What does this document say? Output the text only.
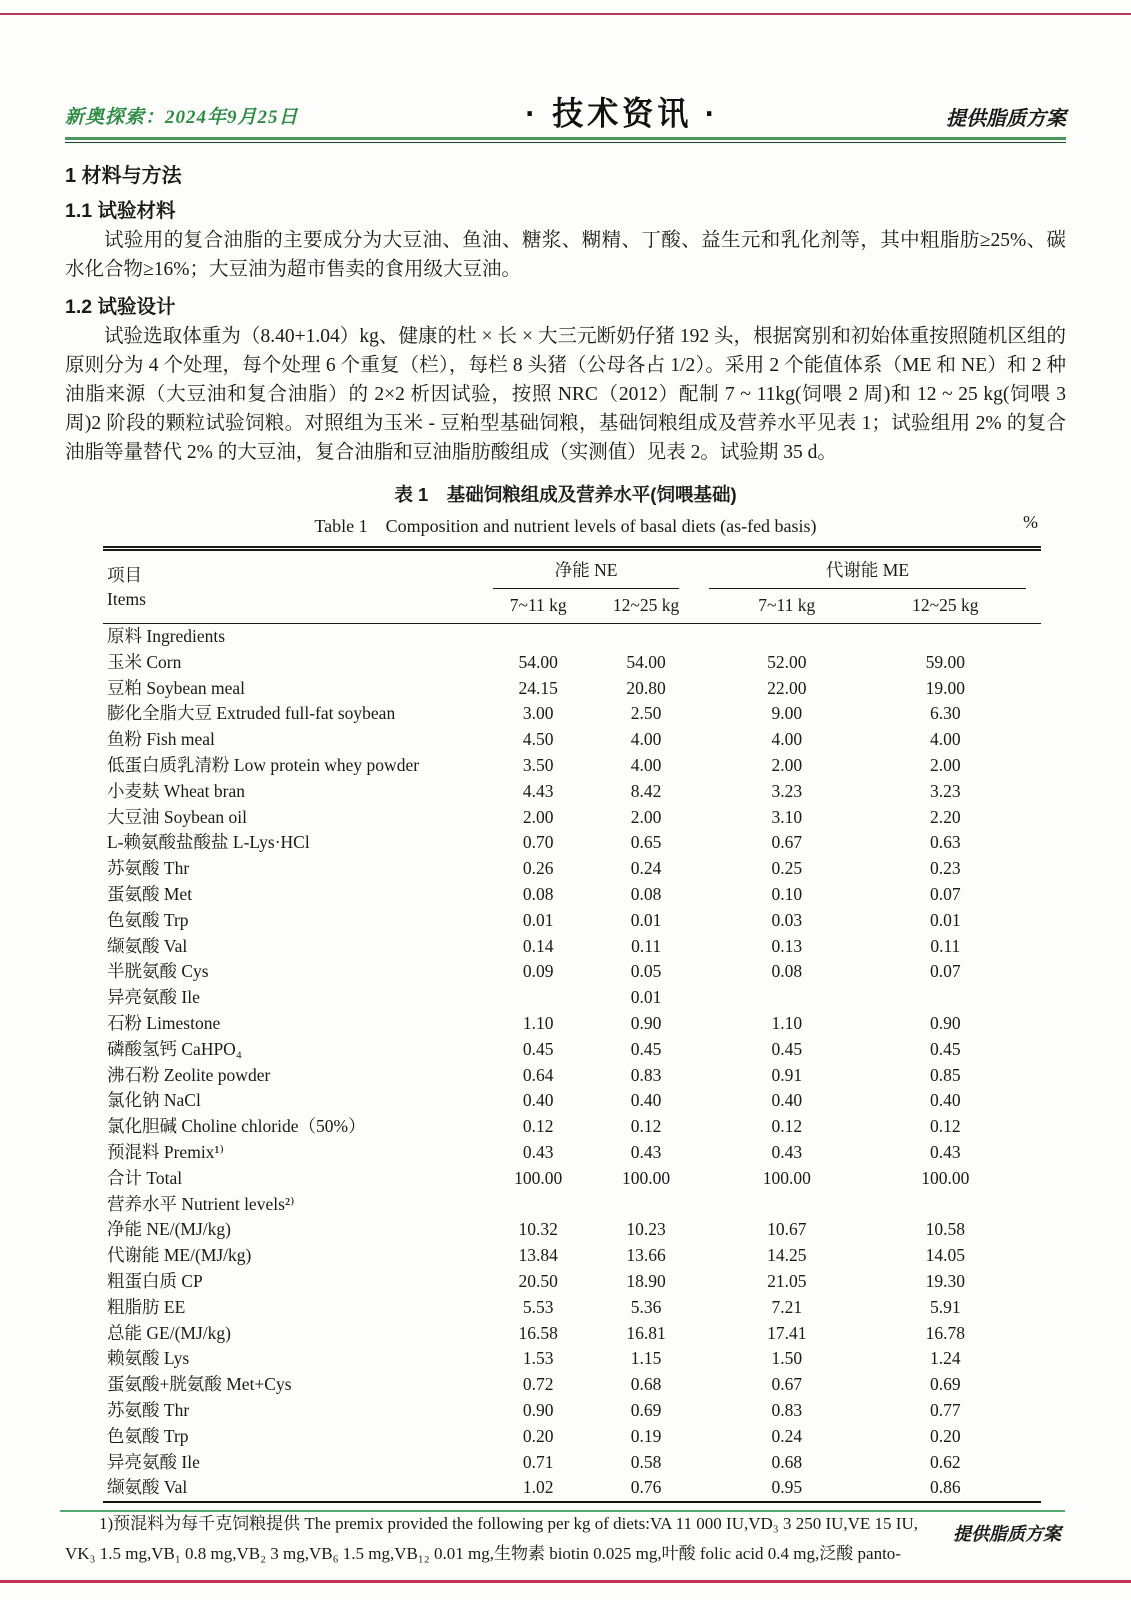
新奥探索：2024年9月25日	· 技术资讯 ·	提供脂质方案
1 材料与方法
1.1 试验材料

试验用的复合油脂的主要成分为大豆油、鱼油、糖浆、糊精、丁酸、益生元和乳化剂等，其中粗脂肪≥25%、碳水化合物≥16%；大豆油为超市售卖的食用级大豆油。

1.2 试验设计

试验选取体重为（8.40+1.04）kg、健康的杜 × 长 × 大三元断奶仔猪 192 头，根据窝别和初始体重按照随机区组的原则分为 4 个处理，每个处理 6 个重复（栏），每栏 8 头猪（公母各占 1/2）。采用 2 个能值体系（ME 和 NE）和 2 种油脂来源（大豆油和复合油脂）的 2×2 析因试验，按照 NRC（2012）配制 7 ~ 11kg(饲喂 2 周)和 12 ~ 25 kg(饲喂 3 周)2 阶段的颗粒试验饲粮。对照组为玉米 - 豆粕型基础饲粮，基础饲粮组成及营养水平见表 1；试验组用 2% 的复合油脂等量替代 2% 的大豆油，复合油脂和豆油脂肪酸组成（实测值）见表 2。试验期 35 d。

表 1　基础饲粮组成及营养水平(饲喂基础)
Table 1　Composition and nutrient levels of basal diets (as-fed basis)	%
项目
Items	净能 NE		代谢能 ME	

	7~11 kg	12~25 kg	7~11 kg	12~25 kg
原料 Ingredients				
玉米 Corn	54.00	54.00	52.00	59.00
豆粕 Soybean meal	24.15	20.80	22.00	19.00
膨化全脂大豆 Extruded full-fat soybean	3.00	2.50	9.00	6.30
鱼粉 Fish meal	4.50	4.00	4.00	4.00
低蛋白质乳清粉 Low protein whey powder	3.50	4.00	2.00	2.00
小麦麸 Wheat bran	4.43	8.42	3.23	3.23
大豆油 Soybean oil	2.00	2.00	3.10	2.20
L-赖氨酸盐酸盐 L-Lys·HCl	0.70	0.65	0.67	0.63
苏氨酸 Thr	0.26	0.24	0.25	0.23
蛋氨酸 Met	0.08	0.08	0.10	0.07
色氨酸 Trp	0.01	0.01	0.03	0.01
缬氨酸 Val	0.14	0.11	0.13	0.11
半胱氨酸 Cys	0.09	0.05	0.08	0.07
异亮氨酸 Ile		0.01		
石粉 Limestone	1.10	0.90	1.10	0.90
磷酸氢钙 CaHPO₄	0.45	0.45	0.45	0.45
沸石粉 Zeolite powder	0.64	0.83	0.91	0.85
氯化钠 NaCl	0.40	0.40	0.40	0.40
氯化胆碱 Choline chloride（50%）	0.12	0.12	0.12	0.12
预混料 Premix¹⁾	0.43	0.43	0.43	0.43
合计 Total	100.00	100.00	100.00	100.00
营养水平 Nutrient levels²⁾				
净能 NE/(MJ/kg)	10.32	10.23	10.67	10.58
代谢能 ME/(MJ/kg)	13.84	13.66	14.25	14.05
粗蛋白质 CP	20.50	18.90	21.05	19.30
粗脂肪 EE	5.53	5.36	7.21	5.91
总能 GE/(MJ/kg)	16.58	16.81	17.41	16.78
赖氨酸 Lys	1.53	1.15	1.50	1.24
蛋氨酸+胱氨酸 Met+Cys	0.72	0.68	0.67	0.69
苏氨酸 Thr	0.90	0.69	0.83	0.77
色氨酸 Trp	0.20	0.19	0.24	0.20
异亮氨酸 Ile	0.71	0.58	0.68	0.62
缬氨酸 Val	1.02	0.76	0.95	0.86
1)预混料为每千克饲粮提供 The premix provided the following per kg of diets:VA 11 000 IU,VD₃ 3 250 IU,VE 15 IU,
VK₃ 1.5 mg,VB₁ 0.8 mg,VB₂ 3 mg,VB₆ 1.5 mg,VB₁₂ 0.01 mg,生物素 biotin 0.025 mg,叶酸 folic acid 0.4 mg,泛酸 panto-
提供脂质方案
